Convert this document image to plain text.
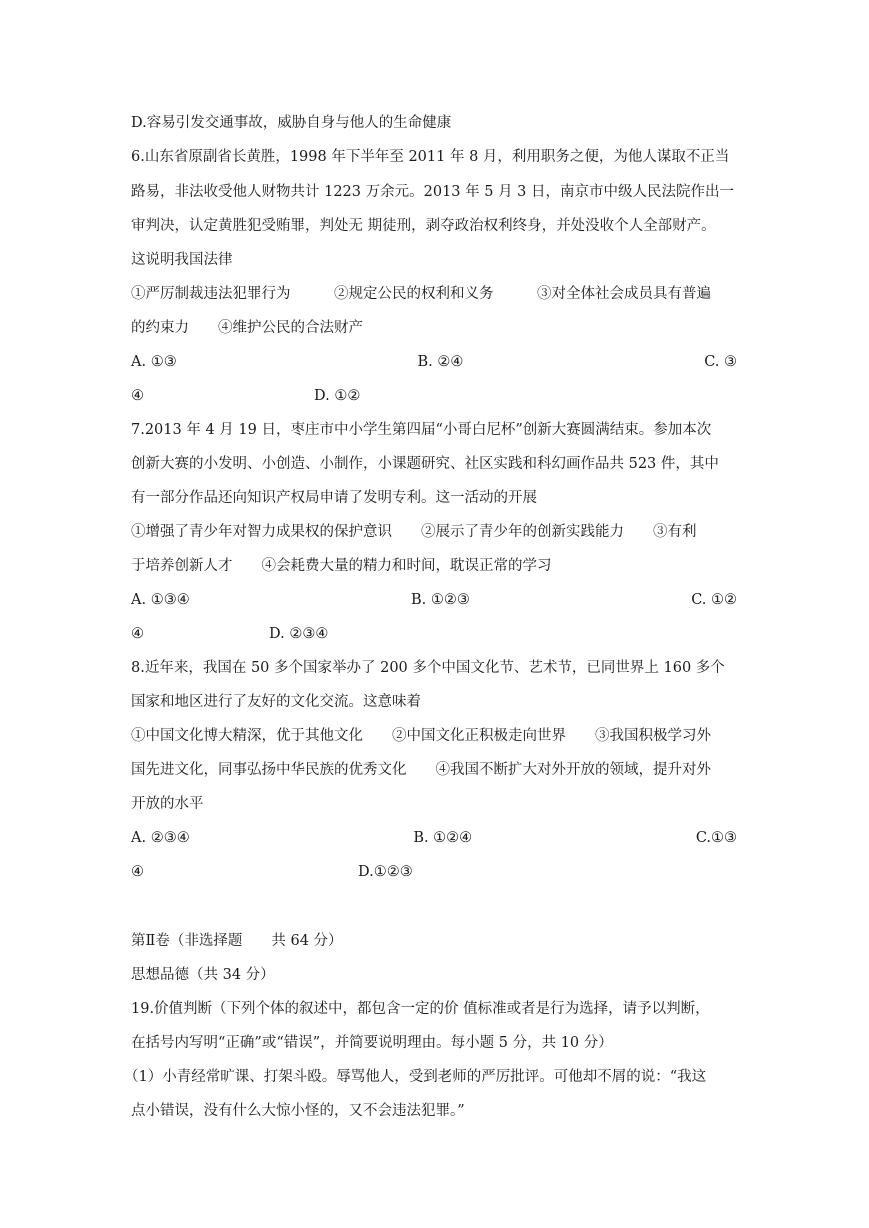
D.容易引发交通事故，威胁自身与他人的生命健康
6.山东省原副省长黄胜，1998 年下半年至 2011 年 8 月，利用职务之便，为他人谋取不正当
路易，非法收受他人财物共计 1223 万余元。2013 年 5 月 3 日，南京市中级人民法院作出一
审判决，认定黄胜犯受贿罪，判处无 期徒刑，剥夺政治权利终身，并处没收个人全部财产。
这说明我国法律
①严厉制裁违法犯罪行为　　　②规定公民的权利和义务　　　③对全体社会成员具有普遍
的约束力　　④维护公民的合法财产
A. ①③	B. ②④	C. ③
④	D. ①②
7.2013 年 4 月 19 日，枣庄市中小学生第四届“小哥白尼杯”创新大赛圆满结束。参加本次
创新大赛的小发明、小创造、小制作，小课题研究、社区实践和科幻画作品共 523 件，其中
有一部分作品还向知识产权局申请了发明专利。这一活动的开展
①增强了青少年对智力成果权的保护意识　　②展示了青少年的创新实践能力　　③有利
于培养创新人才　　④会耗费大量的精力和时间，耽误正常的学习
A. ①③④	B. ①②③	C. ①②
④	D. ②③④
8.近年来，我国在 50 多个国家举办了 200 多个中国文化节、艺术节，已同世界上 160 多个
国家和地区进行了友好的文化交流。这意味着
①中国文化博大精深，优于其他文化　　②中国文化正积极走向世界　　③我国积极学习外
国先进文化，同事弘扬中华民族的优秀文化　　④我国不断扩大对外开放的领域，提升对外
开放的水平
A. ②③④	B. ①②④	C.①③
④	D.①②③
第Ⅱ卷（非选择题　　共 64 分）
思想品德（共 34 分）
19.价值判断（下列个体的叙述中，都包含一定的价 值标准或者是行为选择，请予以判断，
在括号内写明“正确”或“错误”，并简要说明理由。每小题 5 分，共 10 分）
（1）小青经常旷课、打架斗殴。辱骂他人，受到老师的严厉批评。可他却不屑的说：“我这
点小错误，没有什么大惊小怪的，又不会违法犯罪。”
